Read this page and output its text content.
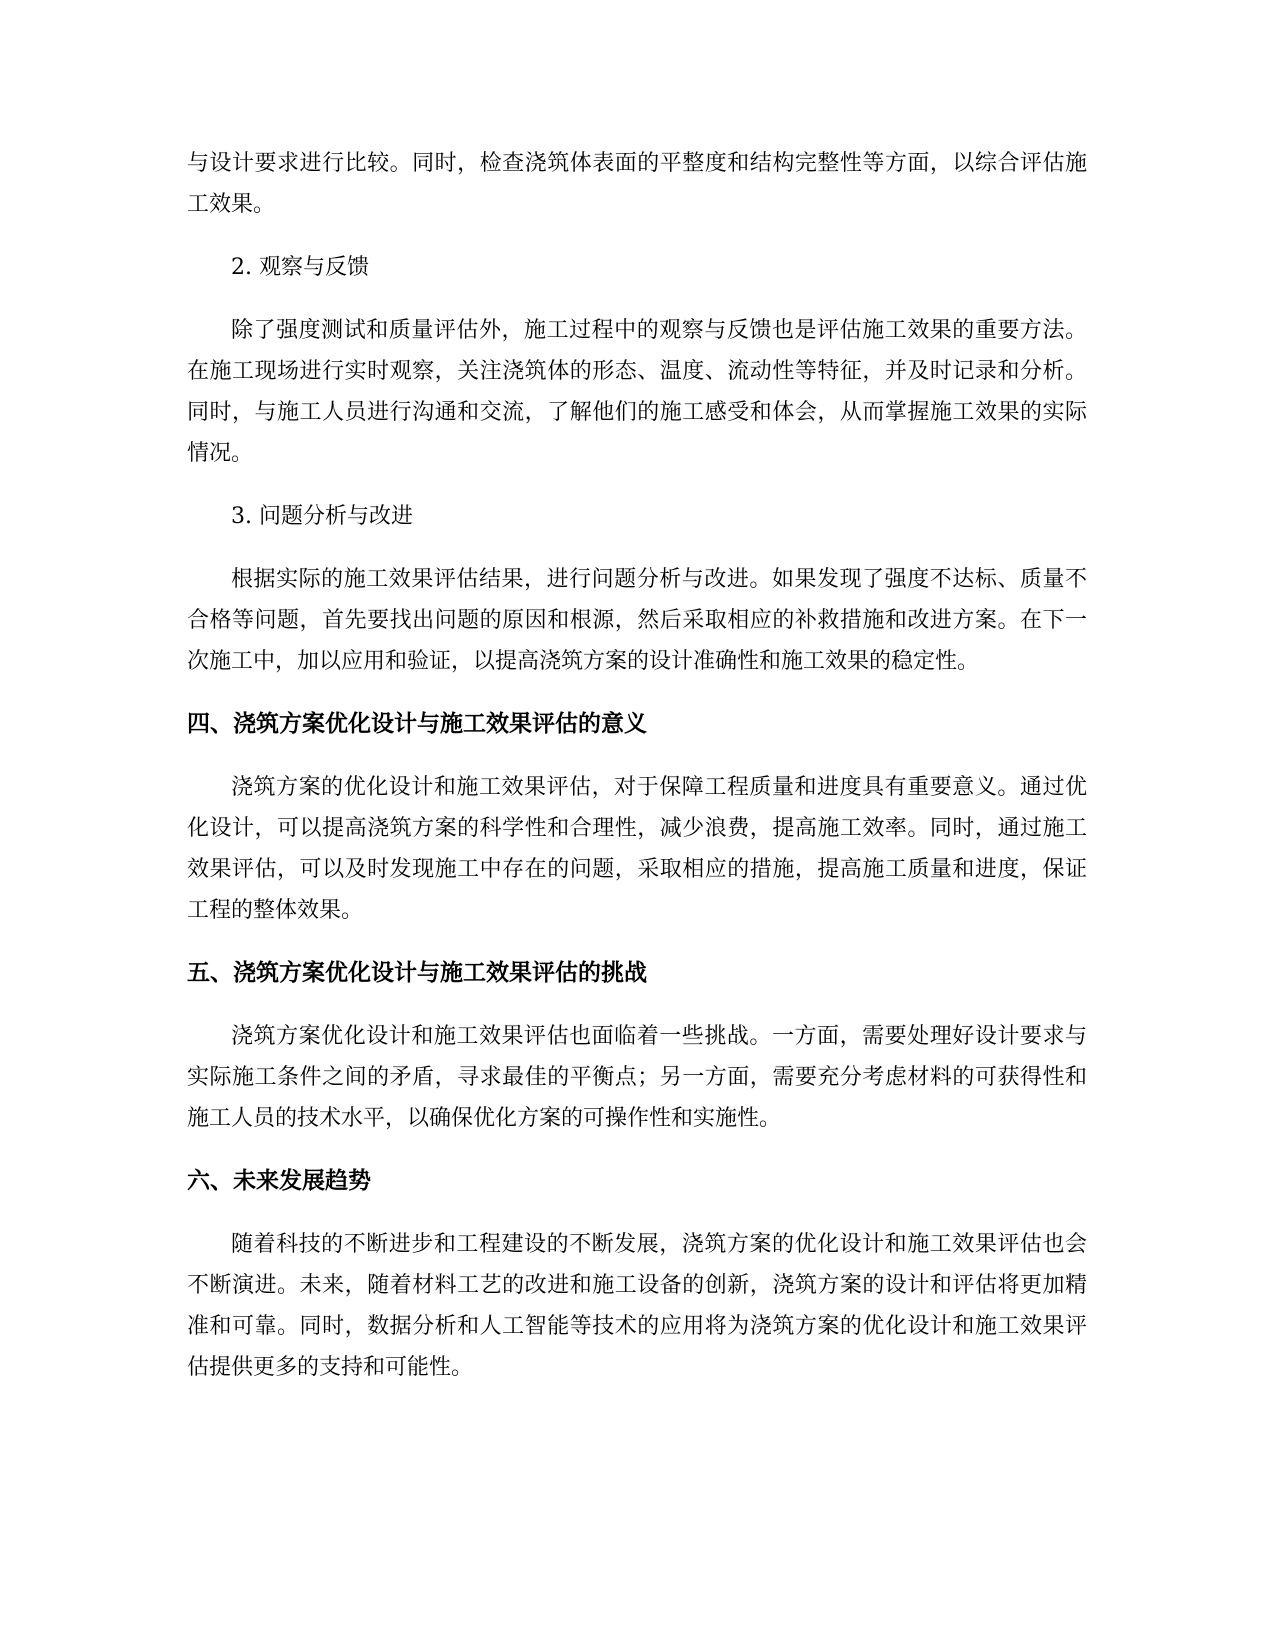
与设计要求进行比较。同时，检查浇筑体表面的平整度和结构完整性等方面，以综合评估施工效果。

2. 观察与反馈

除了强度测试和质量评估外，施工过程中的观察与反馈也是评估施工效果的重要方法。在施工现场进行实时观察，关注浇筑体的形态、温度、流动性等特征，并及时记录和分析。同时，与施工人员进行沟通和交流，了解他们的施工感受和体会，从而掌握施工效果的实际情况。

3. 问题分析与改进

根据实际的施工效果评估结果，进行问题分析与改进。如果发现了强度不达标、质量不合格等问题，首先要找出问题的原因和根源，然后采取相应的补救措施和改进方案。在下一次施工中，加以应用和验证，以提高浇筑方案的设计准确性和施工效果的稳定性。

四、浇筑方案优化设计与施工效果评估的意义

浇筑方案的优化设计和施工效果评估，对于保障工程质量和进度具有重要意义。通过优化设计，可以提高浇筑方案的科学性和合理性，减少浪费，提高施工效率。同时，通过施工效果评估，可以及时发现施工中存在的问题，采取相应的措施，提高施工质量和进度，保证工程的整体效果。

五、浇筑方案优化设计与施工效果评估的挑战

浇筑方案优化设计和施工效果评估也面临着一些挑战。一方面，需要处理好设计要求与实际施工条件之间的矛盾，寻求最佳的平衡点；另一方面，需要充分考虑材料的可获得性和施工人员的技术水平，以确保优化方案的可操作性和实施性。

六、未来发展趋势

随着科技的不断进步和工程建设的不断发展，浇筑方案的优化设计和施工效果评估也会不断演进。未来，随着材料工艺的改进和施工设备的创新，浇筑方案的设计和评估将更加精准和可靠。同时，数据分析和人工智能等技术的应用将为浇筑方案的优化设计和施工效果评估提供更多的支持和可能性。
